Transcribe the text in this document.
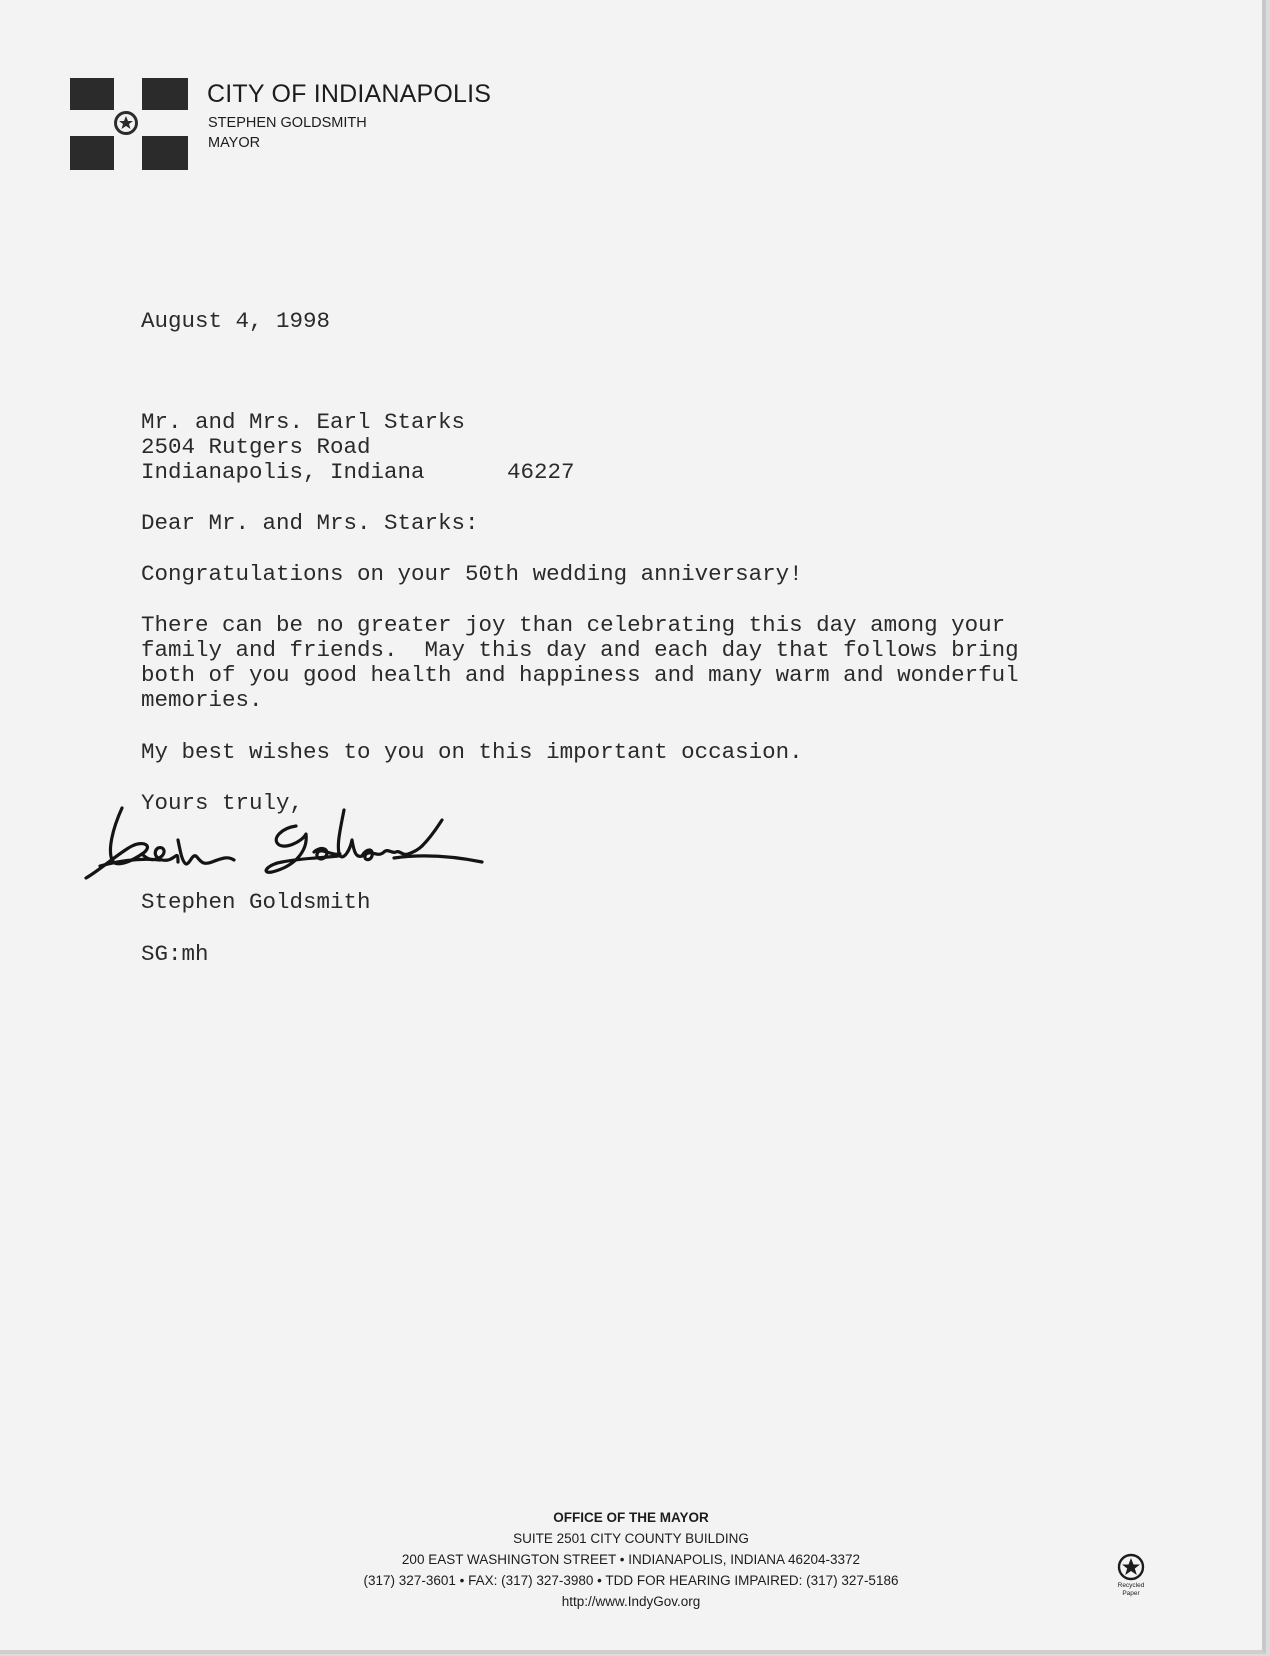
CITY OF INDIANAPOLIS
STEPHEN GOLDSMITH
MAYOR
August 4, 1998
Mr. and Mrs. Earl Starks
2504 Rutgers Road
Indianapolis, Indiana	46227
Dear Mr. and Mrs. Starks:
Congratulations on your 50th wedding anniversary!
There can be no greater joy than celebrating this day among your
family and friends.  May this day and each day that follows bring
both of you good health and happiness and many warm and wonderful
memories.
My best wishes to you on this important occasion.
Yours truly,
Stephen Goldsmith
SG:mh
OFFICE OF THE MAYOR
SUITE 2501 CITY COUNTY BUILDING
200 EAST WASHINGTON STREET • INDIANAPOLIS, INDIANA 46204-3372
(317) 327-3601 • FAX: (317) 327-3980 • TDD FOR HEARING IMPAIRED: (317) 327-5186
http://www.IndyGov.org
Recycled
Paper
